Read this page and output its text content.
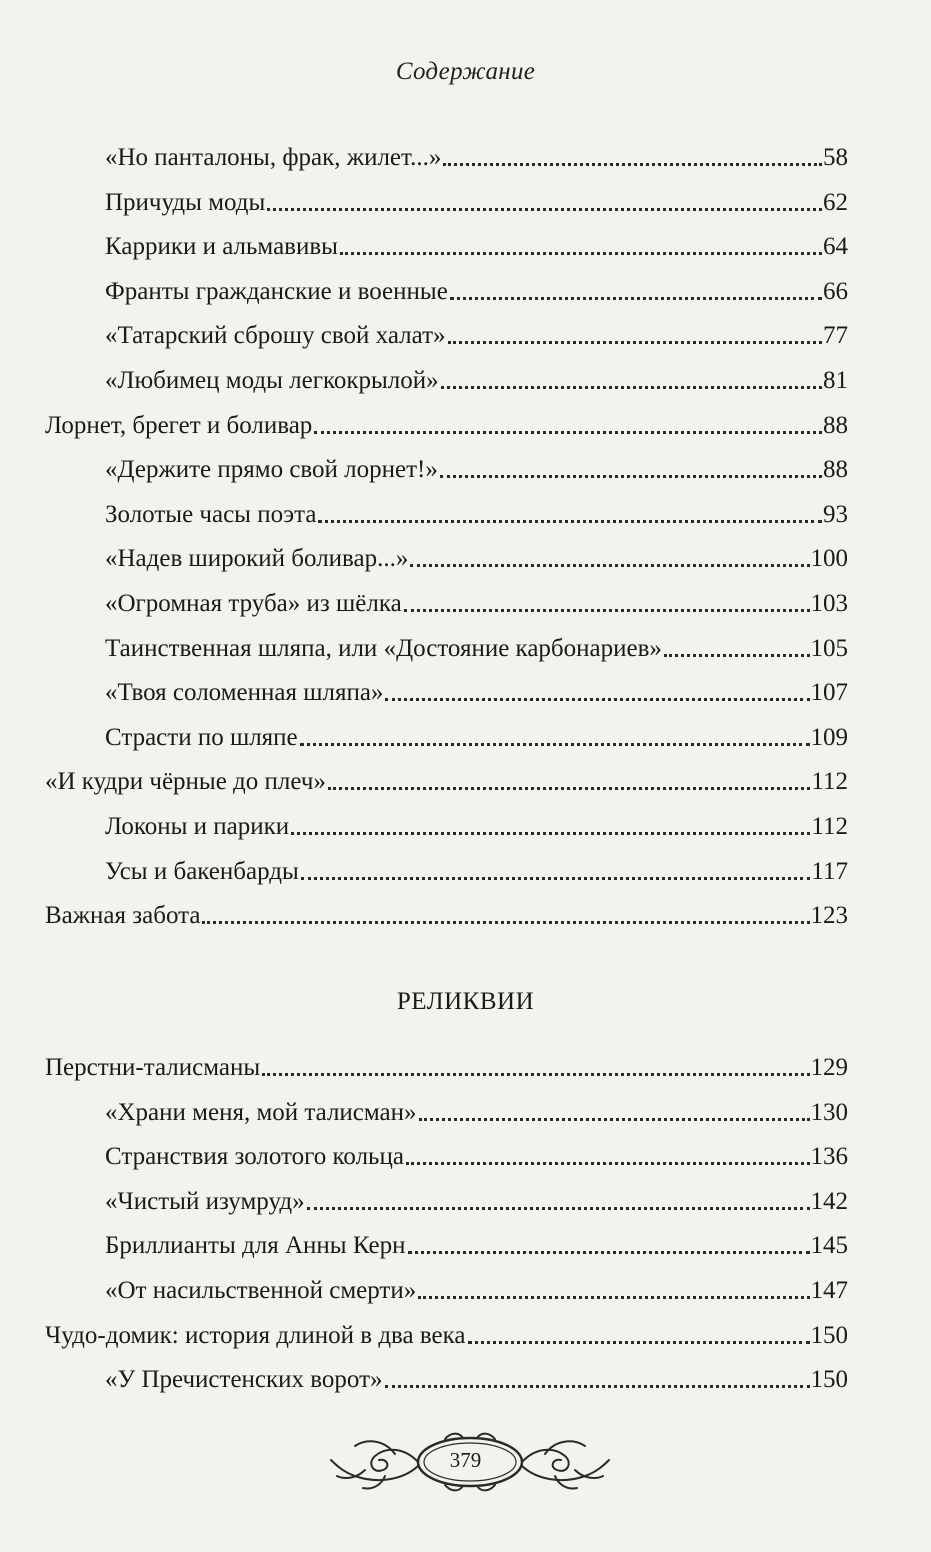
Содержание
«Но панталоны, фрак, жилет...»	58
Причуды моды	62
Каррики и альмавивы	64
Франты гражданские и военные	66
«Татарский сброшу свой халат»	77
«Любимец моды легкокрылой»	81
Лорнет, брегет и боливар	88
«Держите прямо свой лорнет!»	88
Золотые часы поэта	93
«Надев широкий боливар...»	100
«Огромная труба» из шёлка	103
Таинственная шляпа, или «Достояние карбонариев»	105
«Твоя соломенная шляпа»	107
Страсти по шляпе	109
«И кудри чёрные до плеч»	112
Локоны и парики	112
Усы и бакенбарды	117
Важная забота	123
Перстни-талисманы	129
«Храни меня, мой талисман»	130
Странствия золотого кольца	136
«Чистый изумруд»	142
Бриллианты для Анны Керн	145
«От насильственной смерти»	147
Чудо-домик: история длиной в два века	150
«У Пречистенских ворот»	150
РЕЛИКВИИ
379
